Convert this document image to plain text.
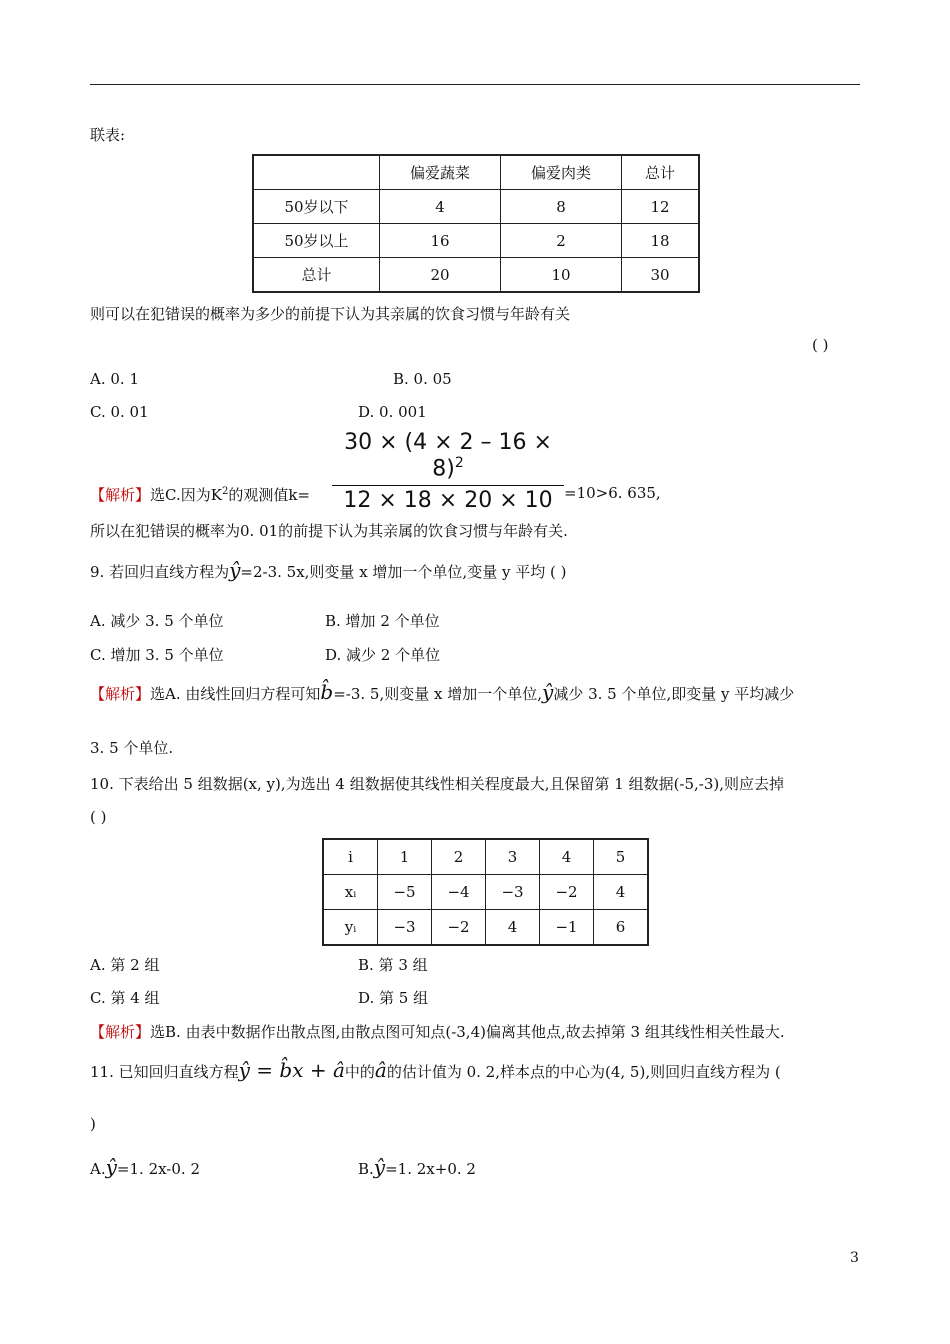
联表:
	偏爱蔬菜	偏爱肉类	总计
50岁以下	4	8	12
50岁以上	16	2	18
总计	20	10	30
则可以在犯错误的概率为多少的前提下认为其亲属的饮食习惯与年龄有关
( )
A. 0. 1	B. 0. 05
C. 0. 01	D. 0. 001
$\frac{30 \times (4 \times 2 - 16 \times 8)^2}{12 \times 18 \times 20 \times 10}$
【解析】选C.因为$K^2$的观测值k=	=10>6. 635,
所以在犯错误的概率为0. 01的前提下认为其亲属的饮食习惯与年龄有关.
9. 若回归直线方程为ŷ=2-3. 5x,则变量 x 增加一个单位,变量 y 平均 ( )
A. 减少 3. 5 个单位	B. 增加 2 个单位
C. 增加 3. 5 个单位	D. 减少 2 个单位
【解析】选A. 由线性回归方程可知b̂=-3. 5,则变量 x 增加一个单位,ŷ减少 3. 5 个单位,即变量 y 平均减少
3. 5 个单位.
10. 下表给出 5 组数据(x, y),为选出 4 组数据使其线性相关程度最大,且保留第 1 组数据(-5,-3),则应去掉
( )
i	1	2	3	4	5
xᵢ	−5	−4	−3	−2	4
yᵢ	−3	−2	4	−1	6
A. 第 2 组	B. 第 3 组
C. 第 4 组	D. 第 5 组
【解析】选B. 由表中数据作出散点图,由散点图可知点(-3,4)偏离其他点,故去掉第 3 组其线性相关性最大.
11. 已知回归直线方程ŷ = b̂x + â中的â的估计值为 0. 2,样本点的中心为(4, 5),则回归直线方程为 (
)
A.ŷ=1. 2x-0. 2	B.ŷ=1. 2x+0. 2
3
